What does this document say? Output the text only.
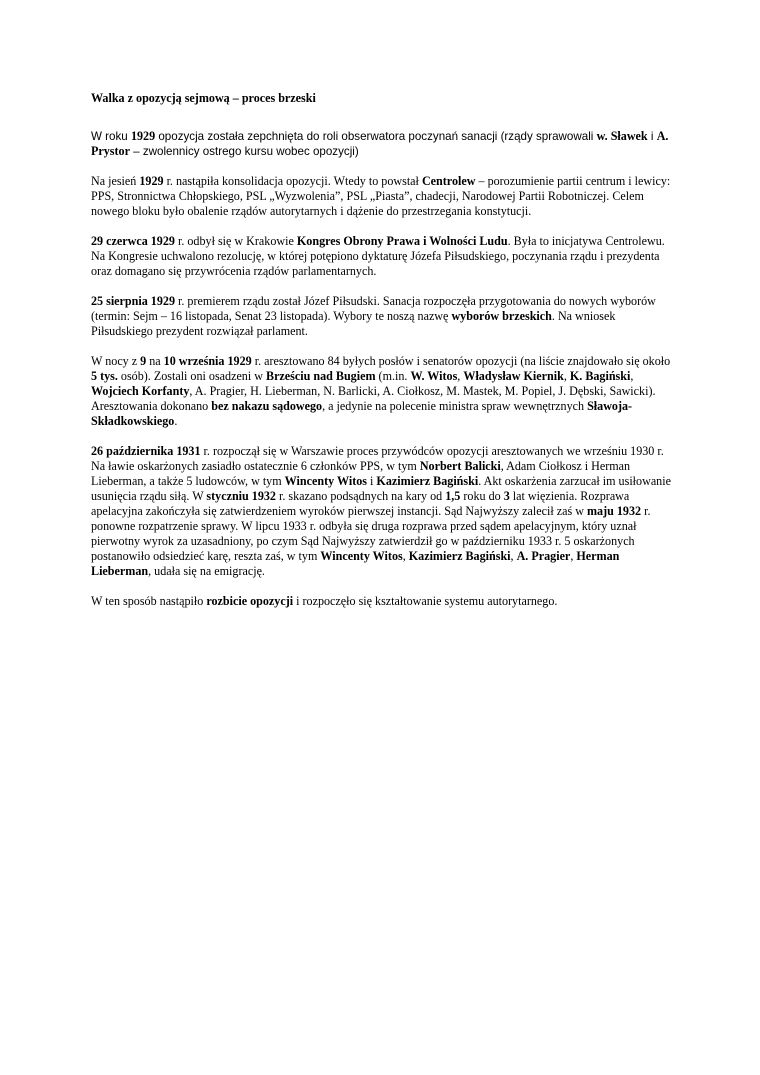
Walka z opozycją sejmową – proces brzeski

W roku 1929 opozycja została zepchnięta do roli obserwatora poczynań sanacji (rządy sprawowali w. Sławek i A. Prystor – zwolennicy ostrego kursu wobec opozycji)

Na jesień 1929 r. nastąpiła konsolidacja opozycji. Wtedy to powstał Centrolew – porozumienie partii centrum i lewicy: PPS, Stronnictwa Chłopskiego, PSL „Wyzwolenia”, PSL „Piasta”, chadecji, Narodowej Partii Robotniczej. Celem nowego bloku było obalenie rządów autorytarnych i dążenie do przestrzegania konstytucji.

29 czerwca 1929 r. odbył się w Krakowie Kongres Obrony Prawa i Wolności Ludu. Była to inicjatywa Centrolewu. Na Kongresie uchwalono rezolucję, w której potępiono dyktaturę Józefa Piłsudskiego, poczynania rządu i prezydenta oraz domagano się przywrócenia rządów parlamentarnych.

25 sierpnia 1929 r. premierem rządu został Józef Piłsudski. Sanacja rozpoczęła przygotowania do nowych wyborów (termin: Sejm – 16 listopada, Senat 23 listopada). Wybory te noszą nazwę wyborów brzeskich. Na wniosek Piłsudskiego prezydent rozwiązał parlament.

W nocy z 9 na 10 września 1929 r. aresztowano 84 byłych posłów i senatorów opozycji (na liście znajdowało się około 5 tys. osób). Zostali oni osadzeni w Brześciu nad Bugiem (m.in. W. Witos, Władysław Kiernik, K. Bagiński, Wojciech Korfanty, A. Pragier, H. Lieberman, N. Barlicki, A. Ciołkosz, M. Mastek, M. Popiel, J. Dębski, Sawicki). Aresztowania dokonano bez nakazu sądowego, a jedynie na polecenie ministra spraw wewnętrznych Sławoja-Składkowskiego.

26 października 1931 r. rozpoczął się w Warszawie proces przywódców opozycji aresztowanych we wrześniu 1930 r. Na ławie oskarżonych zasiadło ostatecznie 6 członków PPS, w tym Norbert Balicki, Adam Ciołkosz i Herman Lieberman, a także 5 ludowców, w tym Wincenty Witos i Kazimierz Bagiński. Akt oskarżenia zarzucał im usiłowanie usunięcia rządu siłą. W styczniu 1932 r. skazano podsądnych na kary od 1,5 roku do 3 lat więzienia. Rozprawa apelacyjna zakończyła się zatwierdzeniem wyroków pierwszej instancji. Sąd Najwyższy zalecił zaś w maju 1932 r. ponowne rozpatrzenie sprawy. W lipcu 1933 r. odbyła się druga rozprawa przed sądem apelacyjnym, który uznał pierwotny wyrok za uzasadniony, po czym Sąd Najwyższy zatwierdził go w październiku 1933 r. 5 oskarżonych postanowiło odsiedzieć karę, reszta zaś, w tym Wincenty Witos, Kazimierz Bagiński, A. Pragier, Herman Lieberman, udała się na emigrację.

W ten sposób nastąpiło rozbicie opozycji i rozpoczęło się kształtowanie systemu autorytarnego.
